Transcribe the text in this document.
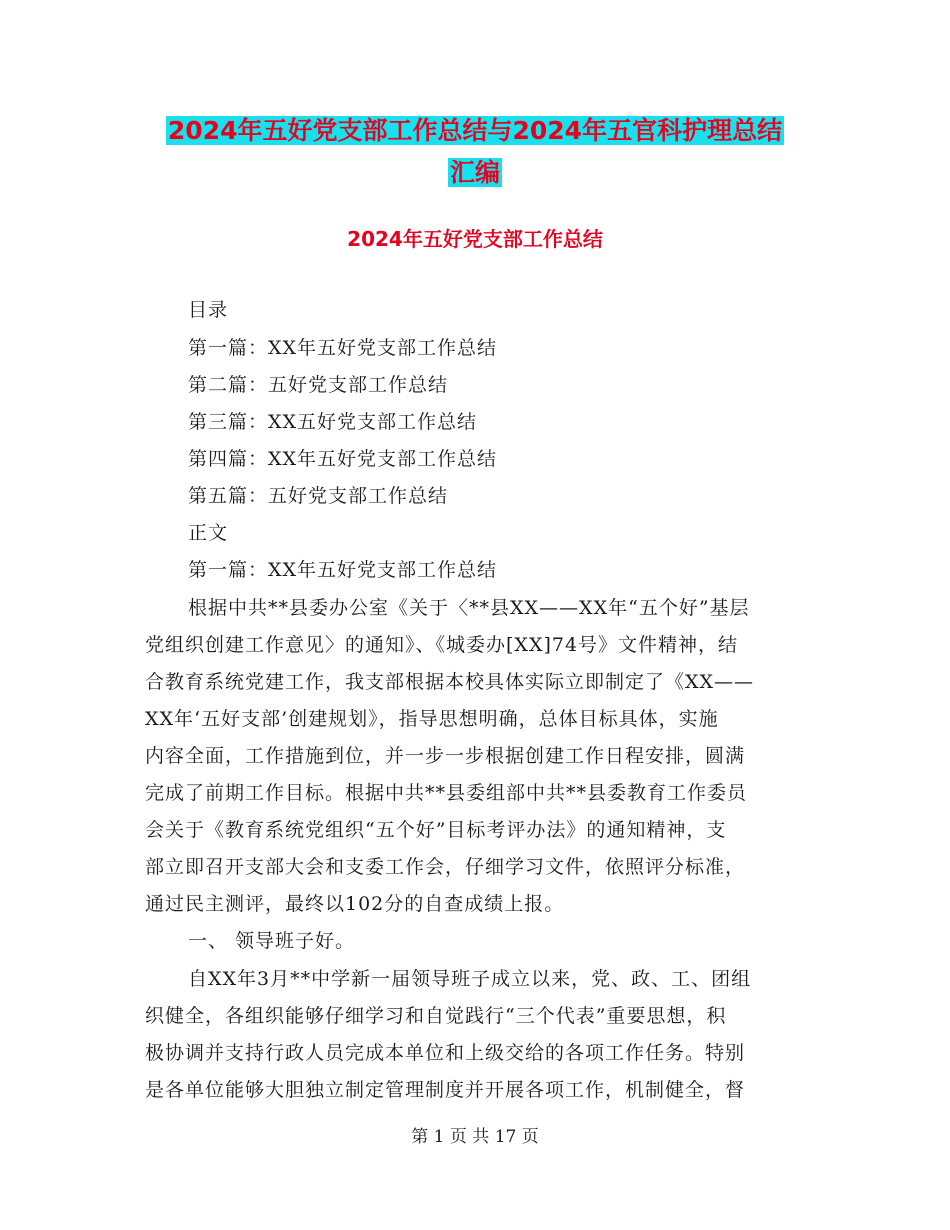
2024年五好党支部工作总结与2024年五官科护理总结
汇编
2024年五好党支部工作总结
目录
第一篇：XX年五好党支部工作总结
第二篇：五好党支部工作总结
第三篇：XX五好党支部工作总结
第四篇：XX年五好党支部工作总结
第五篇：五好党支部工作总结
正文
第一篇：XX年五好党支部工作总结
根据中共**县委办公室《关于〈**县XX——XX年“五个好”基层
党组织创建工作意见〉的通知》、《城委办[XX]74号》文件精神，结
合教育系统党建工作，我支部根据本校具体实际立即制定了《XX——
XX年‘五好支部’创建规划》，指导思想明确，总体目标具体，实施
内容全面，工作措施到位，并一步一步根据创建工作日程安排，圆满
完成了前期工作目标。根据中共**县委组部中共**县委教育工作委员
会关于《教育系统党组织“五个好”目标考评办法》的通知精神，支
部立即召开支部大会和支委工作会，仔细学习文件，依照评分标准，
通过民主测评，最终以102分的自查成绩上报。
一、 领导班子好。
自XX年3月**中学新一届领导班子成立以来，党、政、工、团组
织健全，各组织能够仔细学习和自觉践行“三个代表”重要思想，积
极协调并支持行政人员完成本单位和上级交给的各项工作任务。特别
是各单位能够大胆独立制定管理制度并开展各项工作，机制健全，督
第 1 页 共 17 页
